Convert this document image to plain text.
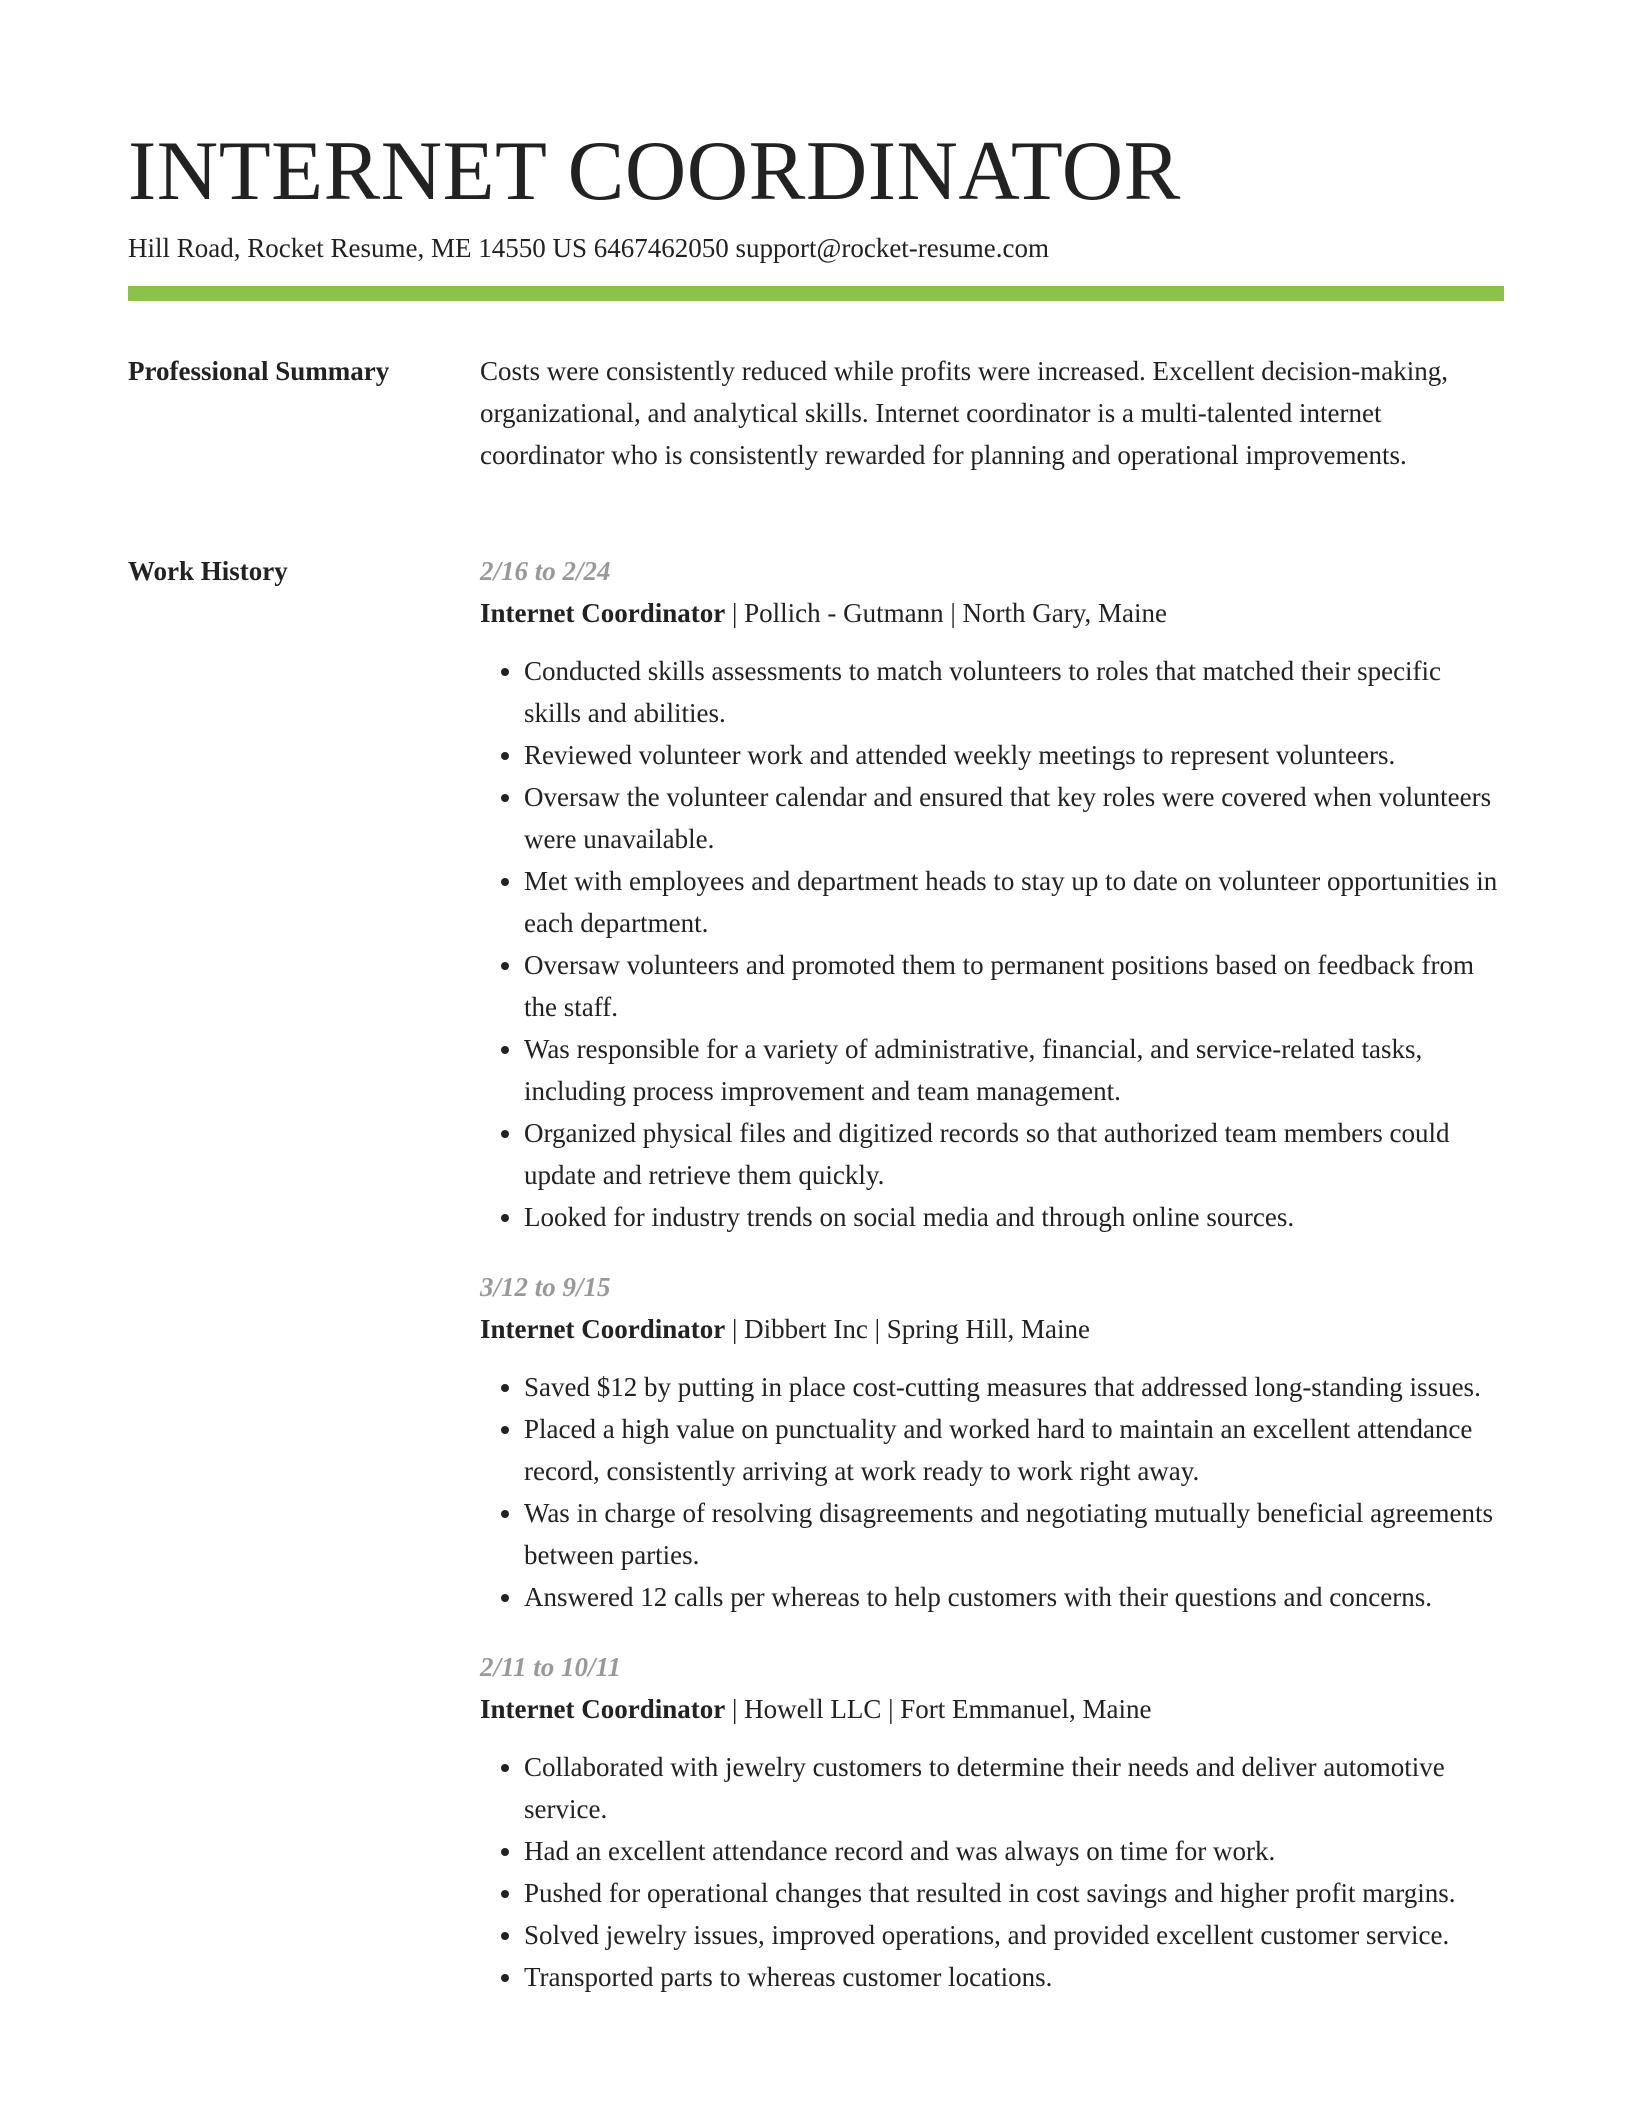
INTERNET COORDINATOR
Hill Road, Rocket Resume, ME 14550 US 6467462050 support@rocket-resume.com
Professional Summary	Costs were consistently reduced while profits were increased. Excellent decision-making, organizational, and analytical skills. Internet coordinator is a multi-talented internet coordinator who is consistently rewarded for planning and operational improvements.

Work History	2/16 to 2/24
Internet Coordinator | Pollich - Gutmann | North Gary, Maine
• Conducted skills assessments to match volunteers to roles that matched their specific skills and abilities.
• Reviewed volunteer work and attended weekly meetings to represent volunteers.
• Oversaw the volunteer calendar and ensured that key roles were covered when volunteers were unavailable.
• Met with employees and department heads to stay up to date on volunteer opportunities in each department.
• Oversaw volunteers and promoted them to permanent positions based on feedback from the staff.
• Was responsible for a variety of administrative, financial, and service-related tasks, including process improvement and team management.
• Organized physical files and digitized records so that authorized team members could update and retrieve them quickly.
• Looked for industry trends on social media and through online sources.
3/12 to 9/15
Internet Coordinator | Dibbert Inc | Spring Hill, Maine
• Saved $12 by putting in place cost-cutting measures that addressed long-standing issues.
• Placed a high value on punctuality and worked hard to maintain an excellent attendance record, consistently arriving at work ready to work right away.
• Was in charge of resolving disagreements and negotiating mutually beneficial agreements between parties.
• Answered 12 calls per whereas to help customers with their questions and concerns.
2/11 to 10/11
Internet Coordinator | Howell LLC | Fort Emmanuel, Maine
• Collaborated with jewelry customers to determine their needs and deliver automotive service.
• Had an excellent attendance record and was always on time for work.
• Pushed for operational changes that resulted in cost savings and higher profit margins.
• Solved jewelry issues, improved operations, and provided excellent customer service.
• Transported parts to whereas customer locations.
